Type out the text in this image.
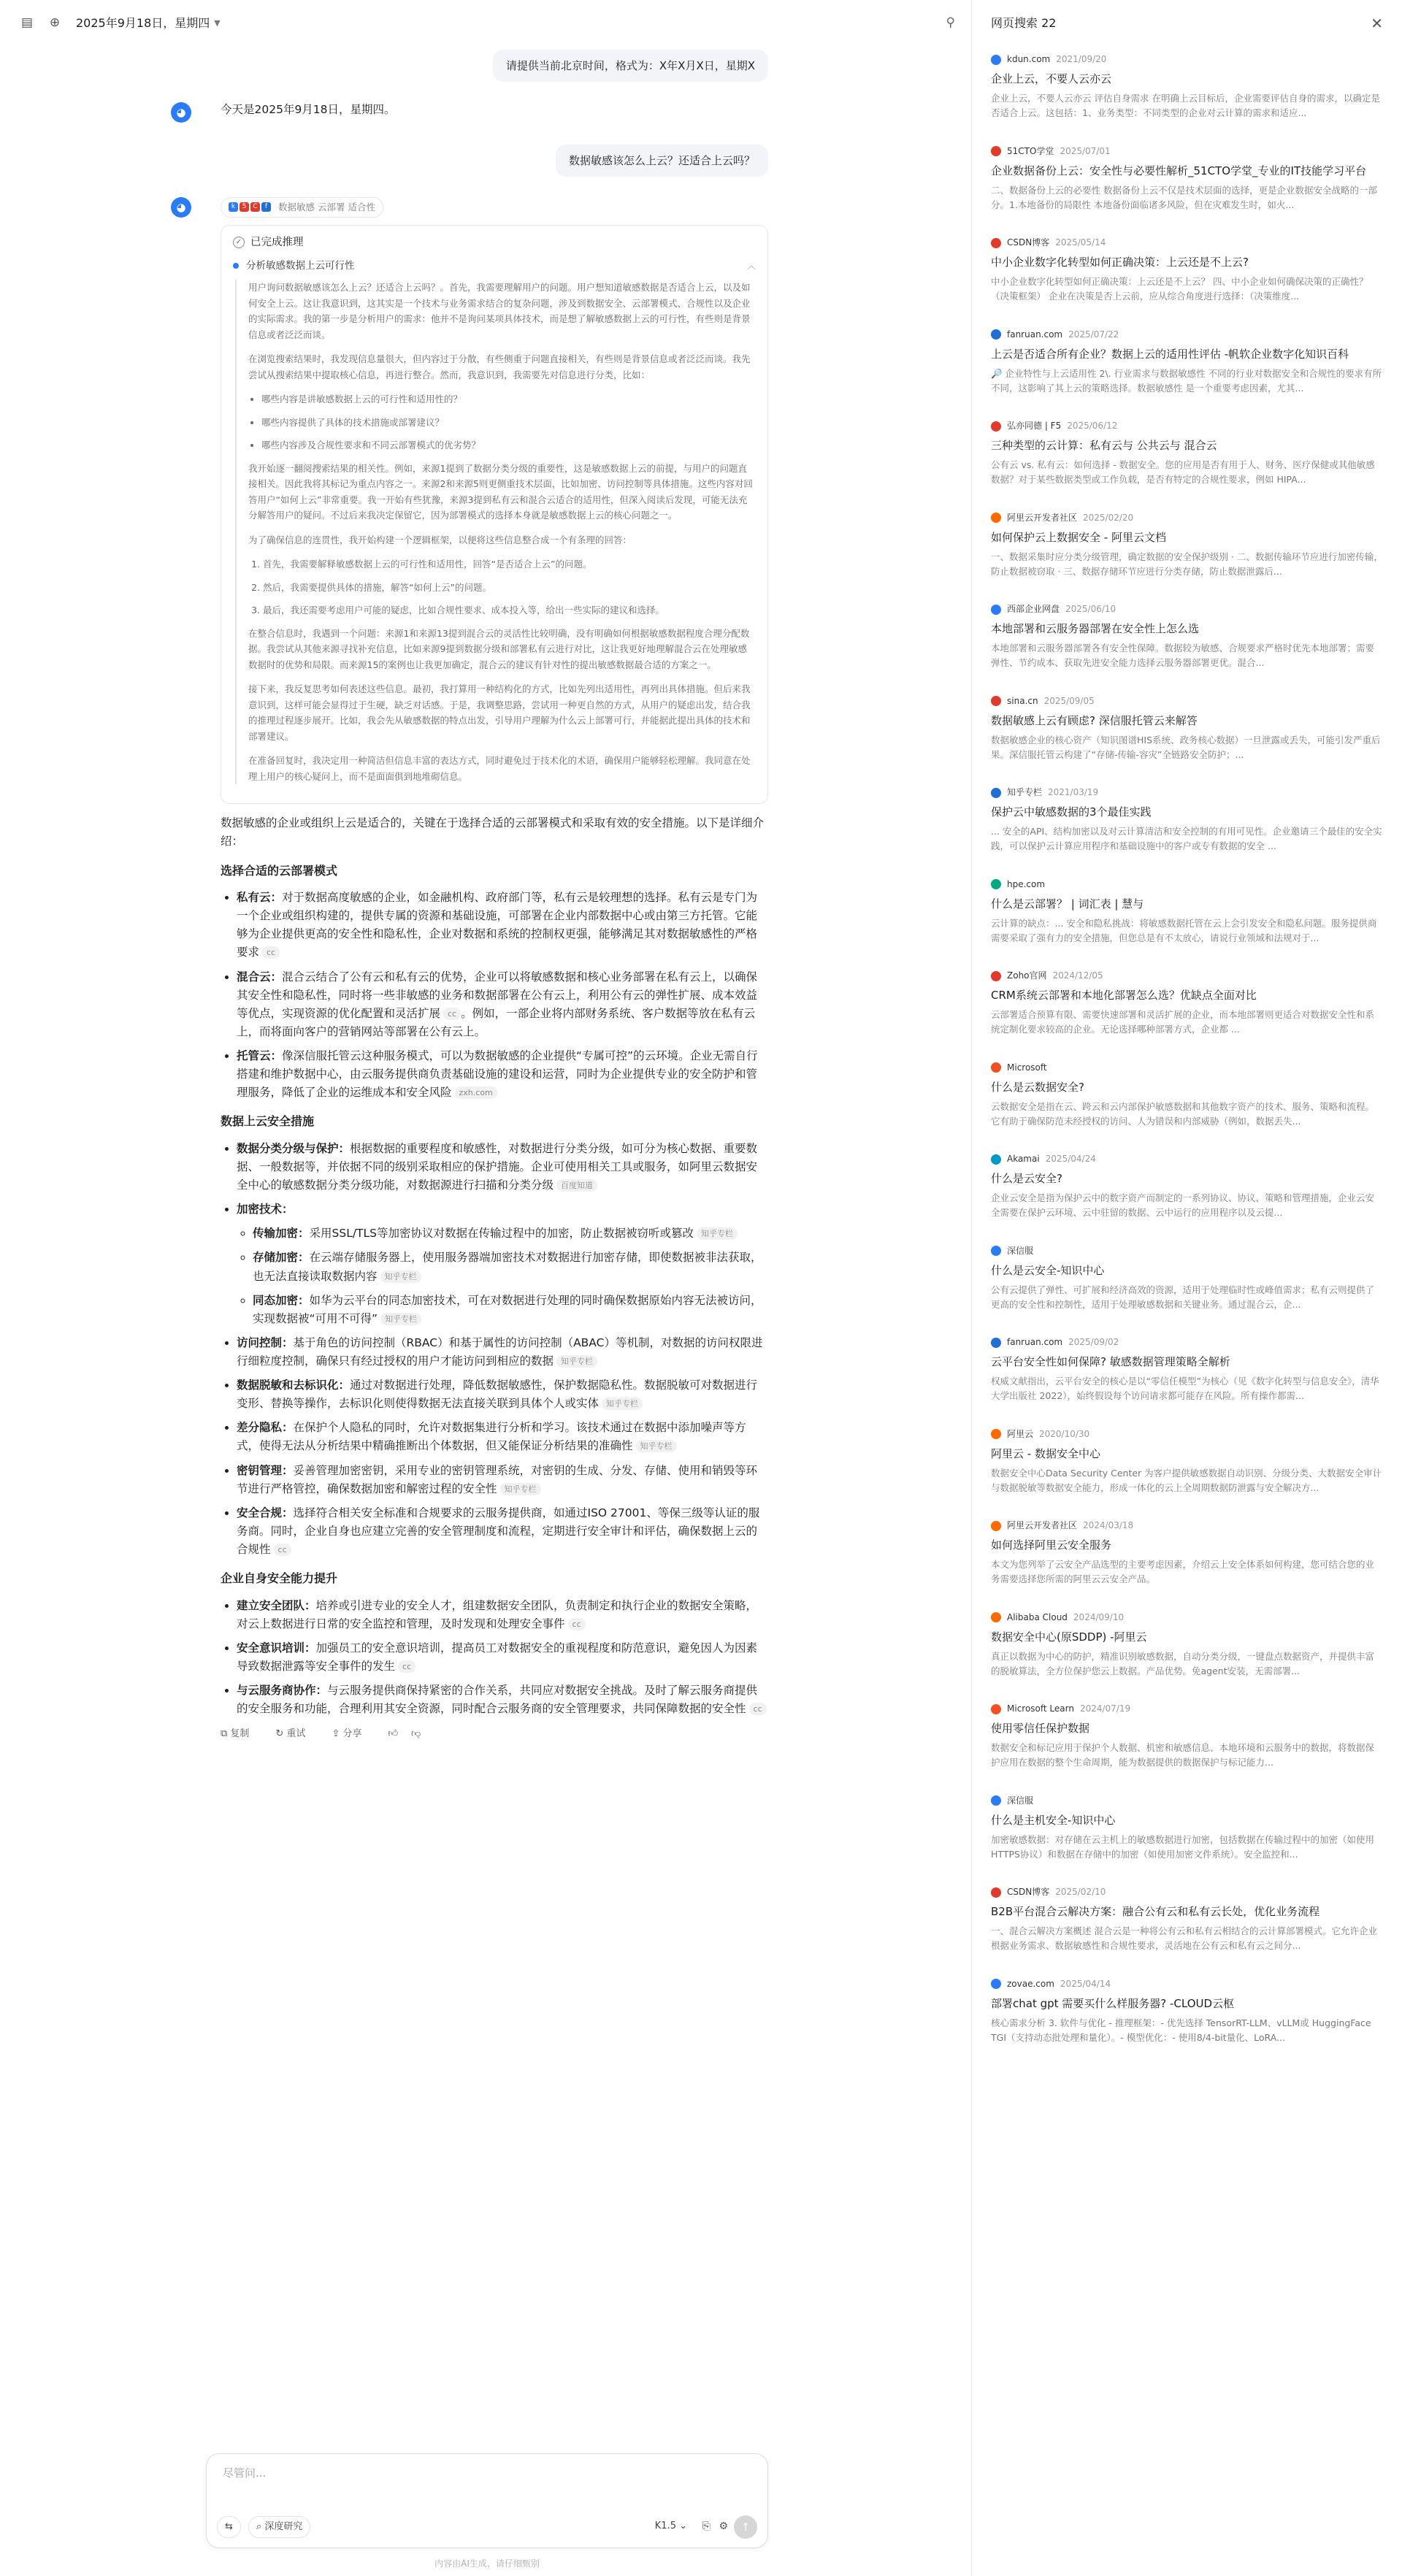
▤	⊕	2025年9月18日，星期四 ▼	⚲
请提供当前北京时间，格式为：X年X月X日，星期X
◕	今天是2025年9月18日，星期四。
数据敏感该怎么上云？还适合上云吗？
◕	k	5 C	f	数据敏感 云部署 适合性
✓ 已完成推理
分析敏感数据上云可行性	︿

用户询问数据敏感该怎么上云？还适合上云吗？。首先，我需要理解用户的问题。用户想知道敏感数据是否适合上云，以及如何安全上云。这让我意识到，这其实是一个技术与业务需求结合的复杂问题，涉及到数据安全、云部署模式、合规性以及企业的实际需求。我的第一步是分析用户的需求：他并不是询问某项具体技术，而是想了解敏感数据上云的可行性，有些则是背景信息或者泛泛而谈。

在浏览搜索结果时，我发现信息量很大，但内容过于分散，有些侧重于问题直接相关，有些则是背景信息或者泛泛而谈。我先尝试从搜索结果中提取核心信息，再进行整合。然而，我意识到，我需要先对信息进行分类，比如：

• 哪些内容是讲敏感数据上云的可行性和适用性的？
• 哪些内容提供了具体的技术措施或部署建议？
• 哪些内容涉及合规性要求和不同云部署模式的优劣势？

我开始逐一翻阅搜索结果的相关性。例如，来源1提到了数据分类分级的重要性，这是敏感数据上云的前提，与用户的问题直接相关。因此我将其标记为重点内容之一。来源2和来源5则更侧重技术层面，比如加密、访问控制等具体措施。这些内容对回答用户“如何上云”非常重要。我一开始有些犹豫，来源3提到私有云和混合云适合的适用性，但深入阅读后发现，可能无法充分解答用户的疑问。不过后来我决定保留它，因为部署模式的选择本身就是敏感数据上云的核心问题之一。

为了确保信息的连贯性，我开始构建一个逻辑框架，以便将这些信息整合成一个有条理的回答：

1. 首先，我需要解释敏感数据上云的可行性和适用性，回答“是否适合上云”的问题。
2. 然后，我需要提供具体的措施，解答“如何上云”的问题。
3. 最后，我还需要考虑用户可能的疑虑，比如合规性要求、成本投入等，给出一些实际的建议和选择。

在整合信息时，我遇到一个问题：来源1和来源13提到混合云的灵活性比较明确，没有明确如何根据敏感数据程度合理分配数据。我尝试从其他来源寻找补充信息，比如来源9提到数据分级和部署私有云进行对比，这让我更好地理解混合云在处理敏感数据时的优势和局限。而来源15的案例也让我更加确定，混合云的建议有针对性的提出敏感数据最合适的方案之一。

接下来，我反复思考如何表述这些信息。最初，我打算用一种结构化的方式，比如先列出适用性，再列出具体措施。但后来我意识到，这样可能会显得过于生硬，缺乏对话感。于是，我调整思路，尝试用一种更自然的方式，从用户的疑虑出发，结合我的推理过程逐步展开。比如，我会先从敏感数据的特点出发，引导用户理解为什么云上部署可行，并能据此提出具体的技术和部署建议。

在准备回复时，我决定用一种简洁但信息丰富的表达方式，同时避免过于技术化的术语，确保用户能够轻松理解。我同意在处理上用户的核心疑问上，而不是面面俱到地堆砌信息。

数据敏感的企业或组织上云是适合的，关键在于选择合适的云部署模式和采取有效的安全措施。以下是详细介绍：

选择合适的云部署模式
• 私有云：对于数据高度敏感的企业，如金融机构、政府部门等，私有云是较理想的选择。私有云是专门为一个企业或组织构建的，提供专属的资源和基础设施，可部署在企业内部数据中心或由第三方托管。它能够为企业提供更高的安全性和隐私性，企业对数据和系统的控制权更强，能够满足其对数据敏感性的严格要求 cc
• 混合云：混合云结合了公有云和私有云的优势，企业可以将敏感数据和核心业务部署在私有云上，以确保其安全性和隐私性，同时将一些非敏感的业务和数据部署在公有云上，利用公有云的弹性扩展、成本效益等优点，实现资源的优化配置和灵活扩展 cc 。例如，一部企业将内部财务系统、客户数据等放在私有云上，而将面向客户的营销网站等部署在公有云上。
• 托管云：像深信服托管云这种服务模式，可以为数据敏感的企业提供“专属可控”的云环境。企业无需自行搭建和维护数据中心，由云服务提供商负责基础设施的建设和运营，同时为企业提供专业的安全防护和管理服务，降低了企业的运维成本和安全风险 zxh.com
数据上云安全措施
• 数据分类分级与保护：根据数据的重要程度和敏感性，对数据进行分类分级，如可分为核心数据、重要数据、一般数据等，并依据不同的级别采取相应的保护措施。企业可使用相关工具或服务，如阿里云数据安全中心的敏感数据分类分级功能，对数据源进行扫描和分类分级 百度知道
• 加密技术：
◦ 传输加密：采用SSL/TLS等加密协议对数据在传输过程中的加密，防止数据被窃听或篡改 知乎专栏
◦ 存储加密：在云端存储服务器上，使用服务器端加密技术对数据进行加密存储，即使数据被非法获取，也无法直接读取数据内容 知乎专栏
◦ 同态加密：如华为云平台的同态加密技术，可在对数据进行处理的同时确保数据原始内容无法被访问，实现数据被“可用不可得” 知乎专栏
• 访问控制：基于角色的访问控制（RBAC）和基于属性的访问控制（ABAC）等机制，对数据的访问权限进行细粒度控制，确保只有经过授权的用户才能访问到相应的数据 知乎专栏
• 数据脱敏和去标识化：通过对数据进行处理，降低数据敏感性，保护数据隐私性。数据脱敏可对数据进行变形、替换等操作，去标识化则使得数据无法直接关联到具体个人或实体 知乎专栏
• 差分隐私：在保护个人隐私的同时，允许对数据集进行分析和学习。该技术通过在数据中添加噪声等方式，使得无法从分析结果中精确推断出个体数据，但又能保证分析结果的准确性 知乎专栏
• 密钥管理：妥善管理加密密钥，采用专业的密钥管理系统，对密钥的生成、分发、存储、使用和销毁等环节进行严格管控，确保数据加密和解密过程的安全性 知乎专栏
• 安全合规：选择符合相关安全标准和合规要求的云服务提供商，如通过ISO 27001、等保三级等认证的服务商。同时，企业自身也应建立完善的安全管理制度和流程，定期进行安全审计和评估，确保数据上云的合规性 cc
企业自身安全能力提升
• 建立安全团队：培养或引进专业的安全人才，组建数据安全团队，负责制定和执行企业的数据安全策略，对云上数据进行日常的安全监控和管理，及时发现和处理安全事件 cc
• 安全意识培训：加强员工的安全意识培训，提高员工对数据安全的重视程度和防范意识，避免因人为因素导致数据泄露等安全事件的发生 cc
• 与云服务商协作：与云服务提供商保持紧密的合作关系，共同应对数据安全挑战。及时了解云服务商提供的安全服务和功能，合理利用其安全资源，同时配合云服务商的安全管理要求，共同保障数据的安全性 cc
⧉ 复制	↻ 重试	⇪ 分享	👍︎ 👎︎
尽管问...
⇆ ⌕
深度研究	K1.5 ⌄ ⎘ ⚙ ↑
内容由AI生成，请仔细甄别
网页搜索 22	✕
kdun.com 2021/09/20
企业上云，不要人云亦云
企业上云，不要人云亦云 评估自身需求 在明确上云目标后，企业需要评估自身的需求，以确定是否适合上云。这包括：1、业务类型：不同类型的企业对云计算的需求和适应...
51CTO学堂 2025/07/01
企业数据备份上云：安全性与必要性解析_51CTO学堂_专业的IT技能学习平台
二、数据备份上云的必要性 数据备份上云不仅是技术层面的选择，更是企业数据安全战略的一部分。1.本地备份的局限性 本地备份面临诸多风险，但在灾难发生时，如火...
CSDN博客 2025/05/14
中小企业数字化转型如何正确决策：上云还是不上云?
中小企业数字化转型如何正确决策：上云还是不上云？ 四、中小企业如何确保决策的正确性？（决策框架） 企业在决策是否上云前，应从综合角度进行选择：（决策维度...
fanruan.com 2025/07/22
上云是否适合所有企业？数据上云的适用性评估 -帆软企业数字化知识百科
🔎 企业特性与上云适用性 2\. 行业需求与数据敏感性 不同的行业对数据安全和合规性的要求有所不同，这影响了其上云的策略选择。数据敏感性 是一个重要考虑因素，尤其...
弘亦同德 | F5 2025/06/12
三种类型的云计算：私有云与 公共云与 混合云
公有云 vs. 私有云：如何选择 - 数据安全。您的应用是否有用于人、财务、医疗保健或其他敏感数据？对于某些数据类型或工作负载，是否有特定的合规性要求，例如 HIPA...
阿里云开发者社区 2025/02/20
如何保护云上数据安全 - 阿里云文档
一、数据采集时应分类分级管理，确定数据的安全保护级别 · 二、数据传输环节应进行加密传输，防止数据被窃取 · 三、数据存储环节应进行分类存储，防止数据泄露后...
西部企业网盘 2025/06/10
本地部署和云服务器部署在安全性上怎么选
本地部署和云服务器部署各有安全性保障。数据较为敏感、合规要求严格时优先本地部署；需要弹性、节约成本、获取先进安全能力选择云服务器部署更优。混合...
sina.cn 2025/09/05
数据敏感上云有顾虑? 深信服托管云来解答
数据敏感企业的核心资产（知识图谱HIS系统、政务核心数据）一旦泄露或丢失，可能引发严重后果。深信服托管云构建了“存储-传输-容灾”全链路安全防护；...
知乎专栏 2021/03/19
保护云中敏感数据的3个最佳实践
... 安全的API、结构加密以及对云计算清洁和安全控制的有用可见性。企业邀请三个最佳的安全实践，可以保护云计算应用程序和基础设施中的客户或专有数据的安全 ...
hpe.com
什么是云部署？ | 词汇表 | 慧与
云计算的缺点：... 安全和隐私挑战：将敏感数据托管在云上会引发安全和隐私问题。服务提供商需要采取了强有力的安全措施，但您总是有不太放心，请说行业领域和法规对于...
Zoho官网 2024/12/05
CRM系统云部署和本地化部署怎么选？优缺点全面对比
云部署适合预算有限、需要快速部署和灵活扩展的企业，而本地部署则更适合对数据安全性和系统定制化要求较高的企业。无论选择哪种部署方式，企业都 ...
Microsoft
什么是云数据安全?
云数据安全是指在云、跨云和云内部保护敏感数据和其他数字资产的技术、服务、策略和流程。它有助于确保防范未经授权的访问、人为错误和内部威胁（例如，数据丢失...
Akamai 2025/04/24
什么是云安全?
企业云安全是指为保护云中的数字资产而制定的一系列协议、协议、策略和管理措施，企业云安全需要在保护云环境、云中驻留的数据、云中运行的应用程序以及云提...
深信服
什么是云安全-知识中心
公有云提供了弹性、可扩展和经济高效的资源，适用于处理临时性或峰值需求；私有云则提供了更高的安全性和控制性，适用于处理敏感数据和关键业务。通过混合云，企...
fanruan.com 2025/09/02
云平台安全性如何保障? 敏感数据管理策略全解析
权威文献指出，云平台安全的核心是以“零信任模型”为核心（见《数字化转型与信息安全》，清华大学出版社 2022），始终假设每个访问请求都可能存在风险。所有操作都需...
阿里云 2020/10/30
阿里云 - 数据安全中心
数据安全中心Data Security Center 为客户提供敏感数据自动识别、分级分类、大数据安全审计与数据脱敏等数据安全能力，形成一体化的云上全周期数据防泄露与安全解决方...
阿里云开发者社区 2024/03/18
如何选择阿里云安全服务
本文为您列举了云安全产品选型的主要考虑因素，介绍云上安全体系如何构建，您可结合您的业务需要选择您所需的阿里云云安全产品。
Alibaba Cloud 2024/09/10
数据安全中心(原SDDP) -阿里云
真正以数据为中心的防护，精准识别敏感数据，自动分类分级，一键盘点数据资产，并提供丰富的脱敏算法，全方位保护您云上数据。产品优势。免agent安装，无需部署...
Microsoft Learn 2024/07/19
使用零信任保护数据
数据安全和标记应用于保护个人数据、机密和敏感信息、本地环境和云服务中的数据，将数据保护应用在数据的整个生命周期，能为数据提供的数据保护与标记能力...
深信服
什么是主机安全-知识中心
加密敏感数据：对存储在云主机上的敏感数据进行加密，包括数据在传输过程中的加密（如使用HTTPS协议）和数据在存储中的加密（如使用加密文件系统）。安全监控和...
CSDN博客 2025/02/10
B2B平台混合云解决方案：融合公有云和私有云长处，优化业务流程
一、混合云解决方案概述 混合云是一种将公有云和私有云相结合的云计算部署模式。它允许企业根据业务需求、数据敏感性和合规性要求，灵活地在公有云和私有云之间分...
zovae.com 2025/04/14
部署chat gpt 需要买什么样服务器? -CLOUD云枢
核心需求分析 3. 软件与优化 - 推理框架：- 优先选择 TensorRT-LLM、vLLM或 HuggingFace TGI（支持动态批处理和量化）。- 模型优化：- 使用8/4-bit量化、LoRA...
